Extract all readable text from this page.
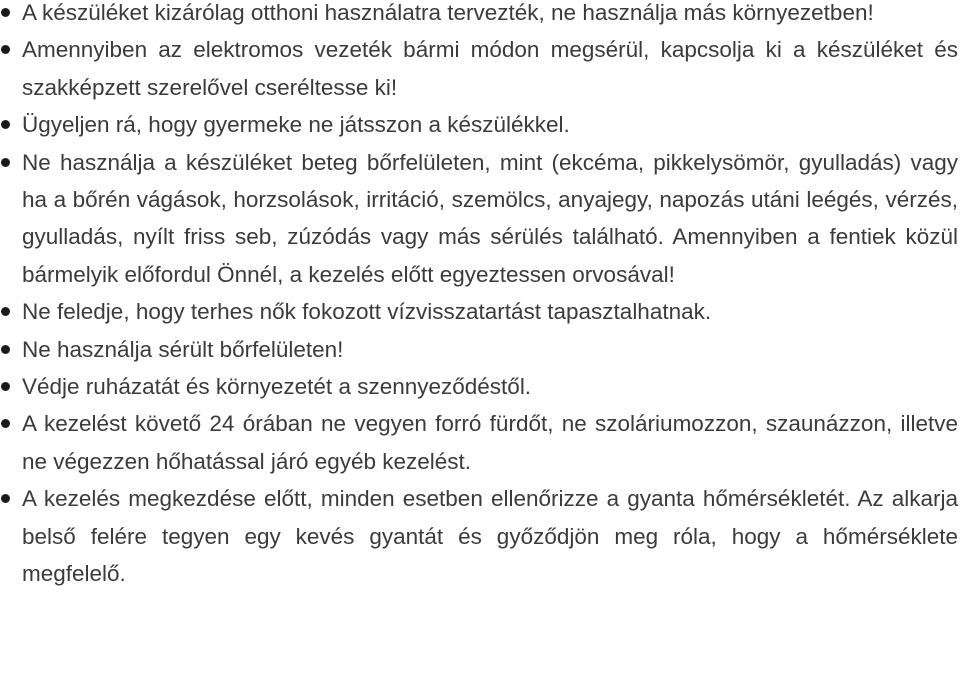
A készüléket kizárólag otthoni használatra tervezték, ne használja más környezetben!
Amennyiben az elektromos vezeték bármi módon megsérül, kapcsolja ki a készüléket és szakképzett szerelővel cseréltesse ki!
Ügyeljen rá, hogy gyermeke ne játsszon a készülékkel.
Ne használja a készüléket beteg bőrfelületen, mint (ekcéma, pikkelysömör, gyulladás) vagy ha a bőrén vágások, horzsolások, irritáció, szemölcs, anyajegy, napozás utáni leégés, vérzés, gyulladás, nyílt friss seb, zúzódás vagy más sérülés található. Amennyiben a fentiek közül bármelyik előfordul Önnél, a kezelés előtt egyeztessen orvosával!
Ne feledje, hogy terhes nők fokozott vízvisszatartást tapasztalhatnak.
Ne használja sérült bőrfelületen!
Védje ruházatát és környezetét a szennyeződéstől.
A kezelést követő 24 órában ne vegyen forró fürdőt, ne szoláriumozzon, szaunázzon, illetve ne végezzen hőhatással járó egyéb kezelést.
A kezelés megkezdése előtt, minden esetben ellenőrizze a gyanta hőmérsékletét. Az alkarja belső felére tegyen egy kevés gyantát és győződjön meg róla, hogy a hőmérséklete megfelelő.
